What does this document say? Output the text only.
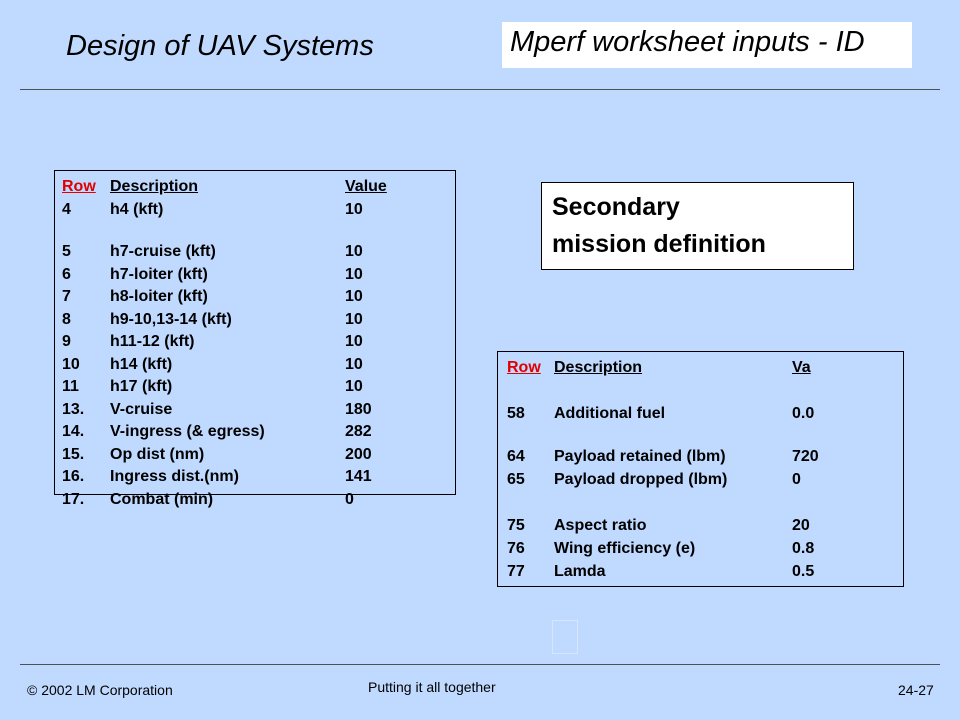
Design of UAV Systems	Mperf worksheet inputs - ID
Row Description	Value
4 h4 (kft)	10
5 h7-cruise (kft)	10
6 h7-loiter (kft)	10
7 h8-loiter (kft)	10
8 h9-10,13-14 (kft)	10
9 h11-12 (kft)	10
10 h14 (kft)	10
11 h17 (kft)	10
13. V-cruise	180
14. V-ingress (& egress)	282
15. Op dist (nm)	200
16. Ingress dist.(nm)	141
17. Combat (min)	0
Secondary
mission definition
Row Description	Va
58 Additional fuel	0.0
64 Payload retained (lbm)	720
65 Payload dropped (lbm)	0
75 Aspect ratio	20
76 Wing efficiency (e)	0.8
77 Lamda	0.5
© 2002 LM Corporation	Putting it all together	24-27
